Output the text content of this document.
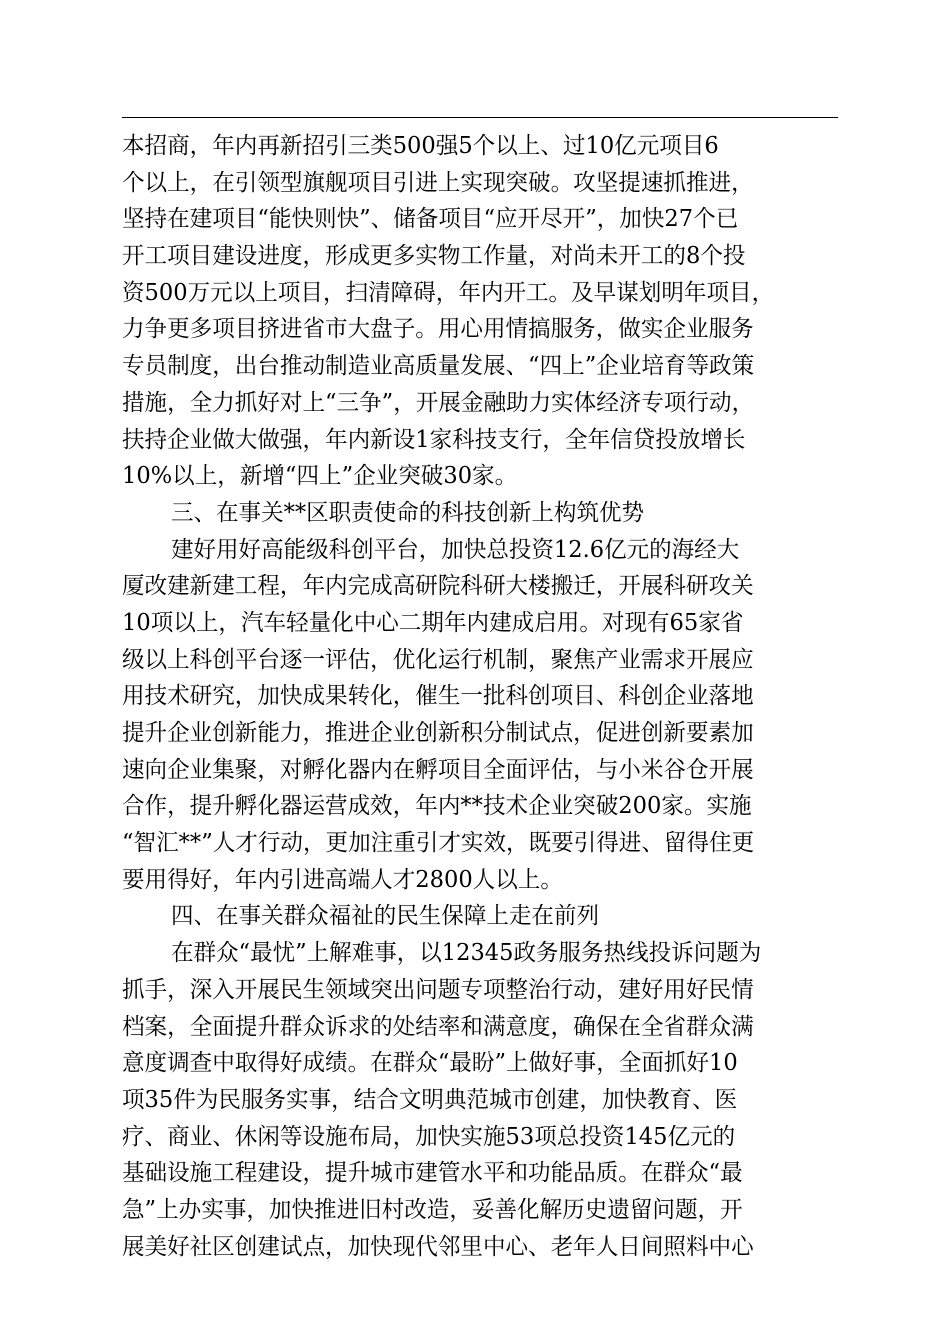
本招商，年内再新招引三类500强5个以上、过10亿元项目6
个以上，在引领型旗舰项目引进上实现突破。攻坚提速抓推进，
坚持在建项目“能快则快”、储备项目“应开尽开”，加快27个已
开工项目建设进度，形成更多实物工作量，对尚未开工的8个投
资500万元以上项目，扫清障碍，年内开工。及早谋划明年项目，
力争更多项目挤进省市大盘子。用心用情搞服务，做实企业服务
专员制度，出台推动制造业高质量发展、“四上”企业培育等政策
措施，全力抓好对上“三争”，开展金融助力实体经济专项行动，
扶持企业做大做强，年内新设1家科技支行，全年信贷投放增长
10%以上，新增“四上”企业突破30家。
三、在事关**区职责使命的科技创新上构筑优势
建好用好高能级科创平台，加快总投资12.6亿元的海经大
厦改建新建工程，年内完成高研院科研大楼搬迁，开展科研攻关
10项以上，汽车轻量化中心二期年内建成启用。对现有65家省
级以上科创平台逐一评估，优化运行机制，聚焦产业需求开展应
用技术研究，加快成果转化，催生一批科创项目、科创企业落地
提升企业创新能力，推进企业创新积分制试点，促进创新要素加
速向企业集聚，对孵化器内在孵项目全面评估，与小米谷仓开展
合作，提升孵化器运营成效，年内**技术企业突破200家。实施
“智汇**”人才行动，更加注重引才实效，既要引得进、留得住更
要用得好，年内引进高端人才2800人以上。
四、在事关群众福祉的民生保障上走在前列
在群众“最忧”上解难事，以12345政务服务热线投诉问题为
抓手，深入开展民生领域突出问题专项整治行动，建好用好民情
档案，全面提升群众诉求的处结率和满意度，确保在全省群众满
意度调查中取得好成绩。在群众“最盼”上做好事，全面抓好10
项35件为民服务实事，结合文明典范城市创建，加快教育、医
疗、商业、休闲等设施布局，加快实施53项总投资145亿元的
基础设施工程建设，提升城市建管水平和功能品质。在群众“最
急”上办实事，加快推进旧村改造，妥善化解历史遗留问题，开
展美好社区创建试点，加快现代邻里中心、老年人日间照料中心
